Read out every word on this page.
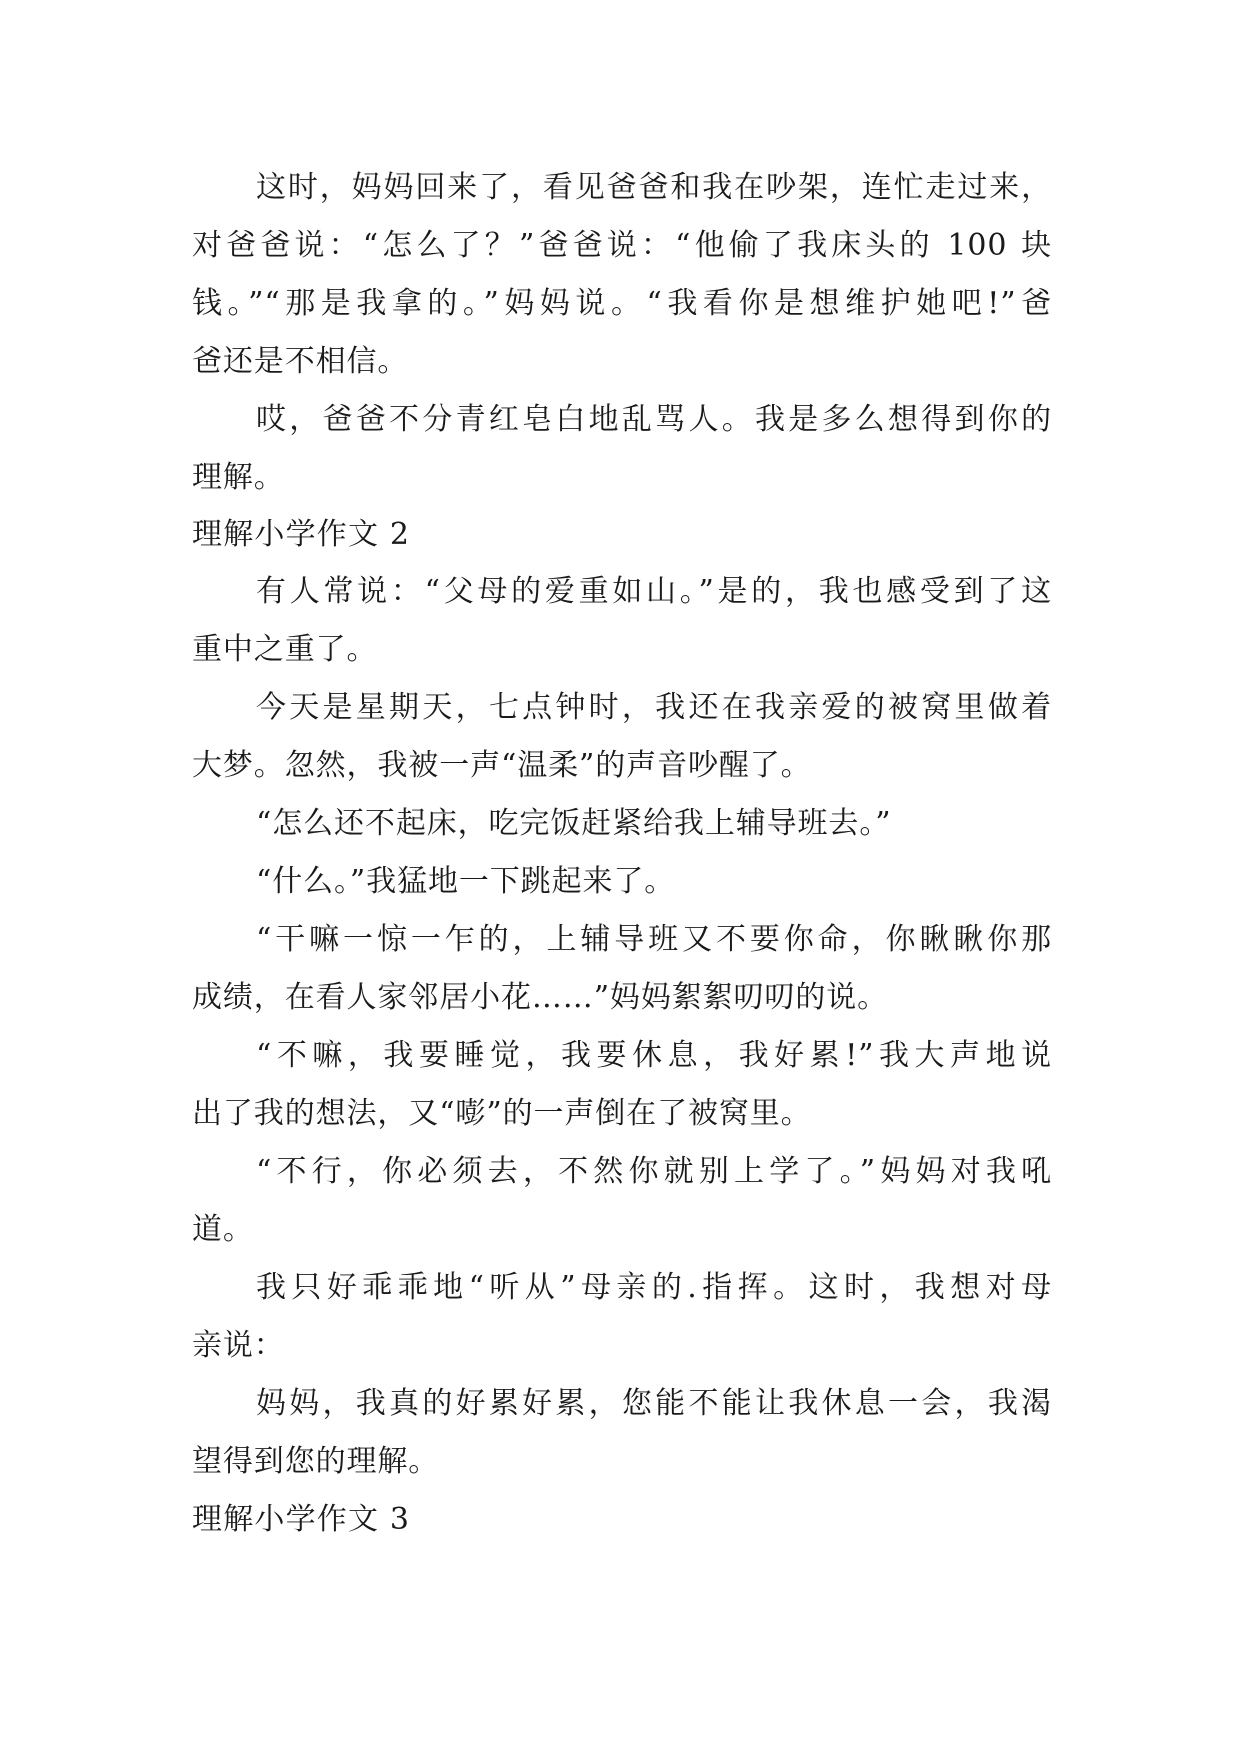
这时，妈妈回来了，看见爸爸和我在吵架，连忙走过来，
对爸爸说：“怎么了？”爸爸说：“他偷了我床头的 100 块
钱。”“那是我拿的。”妈妈说。“我看你是想维护她吧!”爸
爸还是不相信。
哎，爸爸不分青红皂白地乱骂人。我是多么想得到你的
理解。
理解小学作文 2
有人常说：“父母的爱重如山。”是的，我也感受到了这
重中之重了。
今天是星期天，七点钟时，我还在我亲爱的被窝里做着
大梦。忽然，我被一声“温柔”的声音吵醒了。
“怎么还不起床，吃完饭赶紧给我上辅导班去。”
“什么。”我猛地一下跳起来了。
“干嘛一惊一乍的，上辅导班又不要你命，你瞅瞅你那
成绩，在看人家邻居小花……”妈妈絮絮叨叨的说。
“不嘛，我要睡觉，我要休息，我好累!”我大声地说
出了我的想法，又“嘭”的一声倒在了被窝里。
“不行，你必须去，不然你就别上学了。”妈妈对我吼
道。
我只好乖乖地“听从”母亲的.指挥。这时，我想对母
亲说：
妈妈，我真的好累好累，您能不能让我休息一会，我渴
望得到您的理解。
理解小学作文 3
